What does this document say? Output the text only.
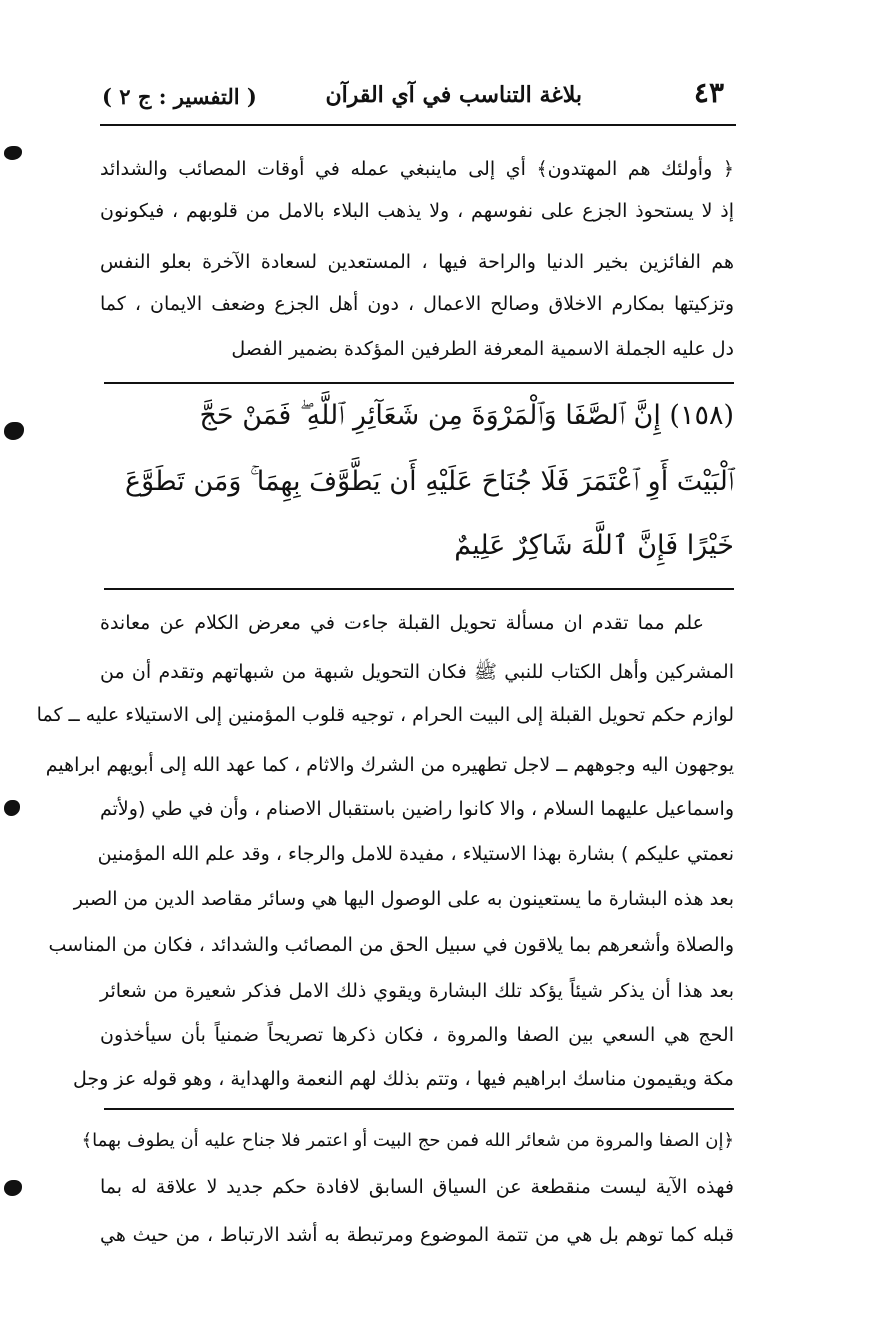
٤٣
بلاغة التناسب في آي القرآن
( التفسير : ج ٢ )
﴿ وأولئك هم المهتدون﴾ أي إلى ماينبغي عمله في أوقات المصائب والشدائد
إذ لا يستحوذ الجزع على نفوسهم ، ولا يذهب البلاء بالامل من قلوبهم ، فيكونون
هم الفائزين بخير الدنيا والراحة فيها ، المستعدين لسعادة الآخرة بعلو النفس
وتزكيتها بمكارم الاخلاق وصالح الاعمال ، دون أهل الجزع وضعف الايمان ، كما
دل عليه الجملة الاسمية المعرفة الطرفين المؤكدة بضمير الفصل
(١٥٨) إِنَّ ٱلصَّفَا وَٱلْمَرْوَةَ مِن شَعَآئِرِ ٱللَّهِ ۖ فَمَنْ حَجَّ
ٱلْبَيْتَ أَوِ ٱعْتَمَرَ فَلَا جُنَاحَ عَلَيْهِ أَن يَطَّوَّفَ بِهِمَا ۚ وَمَن تَطَوَّعَ
خَيْرًا فَإِنَّ ٱللَّهَ شَاكِرٌ عَلِيمٌ
علم مما تقدم ان مسألة تحويل القبلة جاءت في معرض الكلام عن معاندة
المشركين وأهل الكتاب للنبي ﷺ فكان التحويل شبهة من شبهاتهم وتقدم أن من
لوازم حكم تحويل القبلة إلى البيت الحرام ، توجيه قلوب المؤمنين إلى الاستيلاء عليه ــ كما
يوجهون اليه وجوههم ــ لاجل تطهيره من الشرك والاثام ، كما عهد الله إلى أبويهم ابراهيم
واسماعيل عليهما السلام ، والا كانوا راضين باستقبال الاصنام ، وأن في طي (ولأتم
نعمتي عليكم ) بشارة بهذا الاستيلاء ، مفيدة للامل والرجاء ، وقد علم الله المؤمنين
بعد هذه البشارة ما يستعينون به على الوصول اليها هي وسائر مقاصد الدين من الصبر
والصلاة وأشعرهم بما يلاقون في سبيل الحق من المصائب والشدائد ، فكان من المناسب
بعد هذا أن يذكر شيئاً يؤكد تلك البشارة ويقوي ذلك الامل فذكر شعيرة من شعائر
الحج هي السعي بين الصفا والمروة ، فكان ذكرها تصريحاً ضمنياً بأن سيأخذون
مكة ويقيمون مناسك ابراهيم فيها ، وتتم بذلك لهم النعمة والهداية ، وهو قوله عز وجل
﴿إن الصفا والمروة من شعائر الله فمن حج البيت أو اعتمر فلا جناح عليه أن يطوف بهما﴾
فهذه الآية ليست منقطعة عن السياق السابق لافادة حكم جديد لا علاقة له بما
قبله كما توهم بل هي من تتمة الموضوع ومرتبطة به أشد الارتباط ، من حيث هي
